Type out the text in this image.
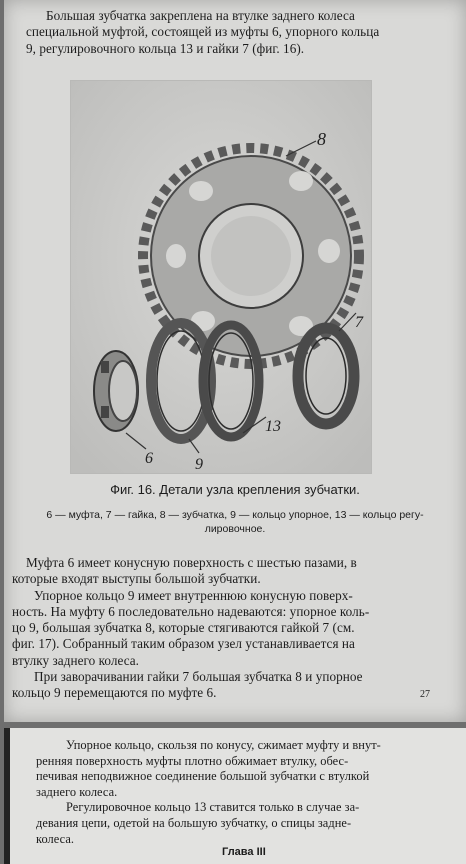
Большая зубчатка закреплена на втулке заднего колеса
специальной муфтой, состоящей из муфты 6, упорного кольца
9, регулировочного кольца 13 и гайки 7 (фиг. 16).

8
6	9
13
7
Фиг. 16. Детали узла крепления зубчатки.
6 — муфта, 7 — гайка, 8 — зубчатка, 9 — кольцо упорное, 13 — кольцо регу-
лировочное.

Муфта 6 имеет конусную поверхность с шестью пазами, в
которые входят выступы большой зубчатки.
Упорное кольцо 9 имеет внутреннюю конусную поверх-
ность. На муфту 6 последовательно надеваются: упорное коль-
цо 9, большая зубчатка 8, которые стягиваются гайкой 7 (см.
фиг. 17). Собранный таким образом узел устанавливается на
втулку заднего колеса.
При заворачивании гайки 7 большая зубчатка 8 и упорное
кольцо 9 перемещаются по муфте 6.	27

Упорное кольцо, скользя по конусу, сжимает муфту и внут-
ренняя поверхность муфты плотно обжимает втулку, обес-
печивая неподвижное соединение большой зубчатки с втулкой
заднего колеса.
Регулировочное кольцо 13 ставится только в случае за-
девания цепи, одетой на большую зубчатку, о спицы задне-
колеса.

Глава III
